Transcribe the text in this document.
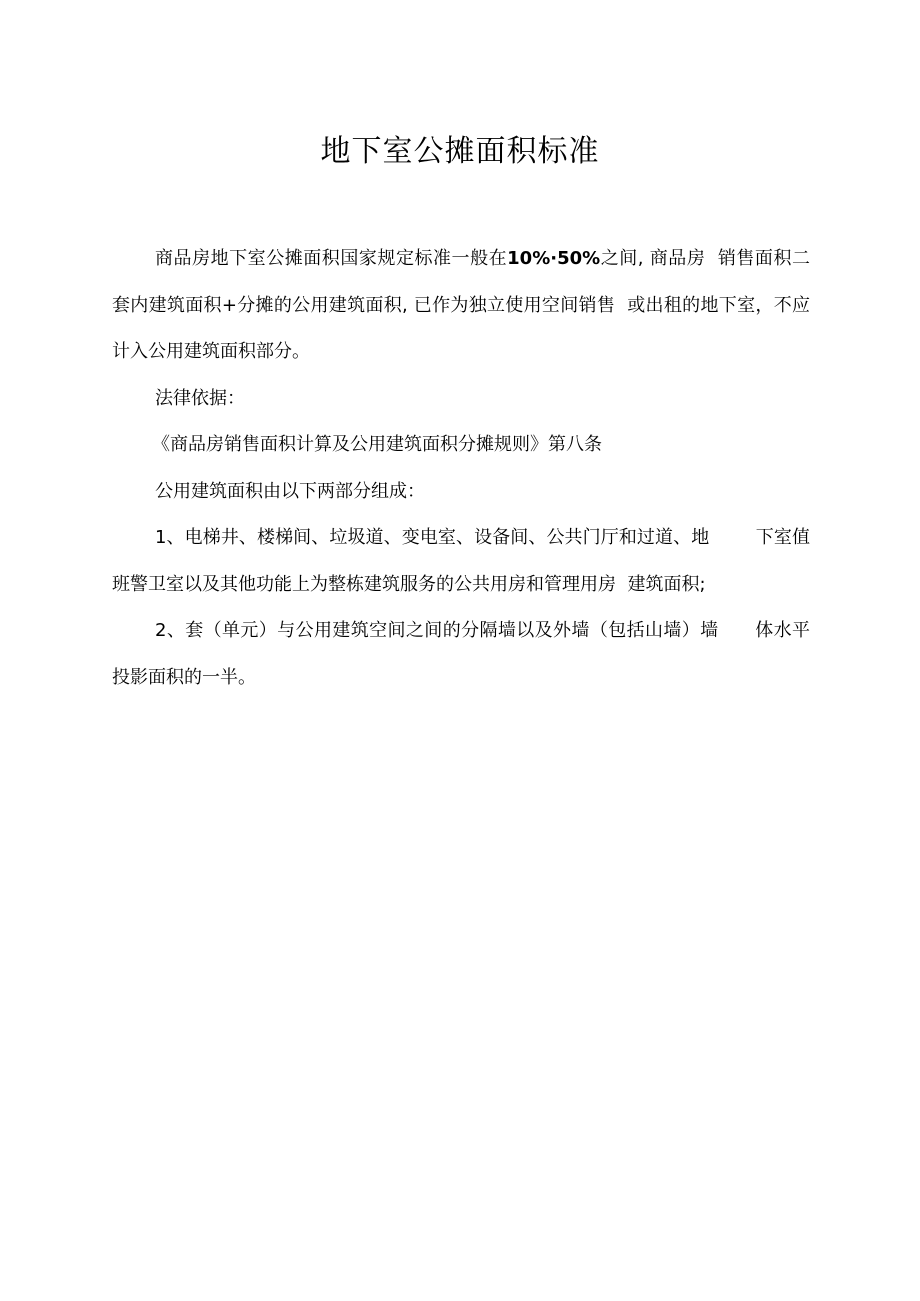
地下室公摊面积标准

商品房地下室公摊面积国家规定标准一般在10%·50%之间, 商品房  销售面积二套内建筑面积+分摊的公用建筑面积, 已作为独立使用空间销售  或出租的地下室，不应计入公用建筑面积部分。

法律依据：

《商品房销售面积计算及公用建筑面积分摊规则》第八条

公用建筑面积由以下两部分组成：

1、电梯井、楼梯间、垃圾道、变电室、设备间、公共门厅和过道、地        下室值班警卫室以及其他功能上为整栋建筑服务的公共用房和管理用房  建筑面积;

2、套（单元）与公用建筑空间之间的分隔墙以及外墙（包括山墙）墙      体水平投影面积的一半。
